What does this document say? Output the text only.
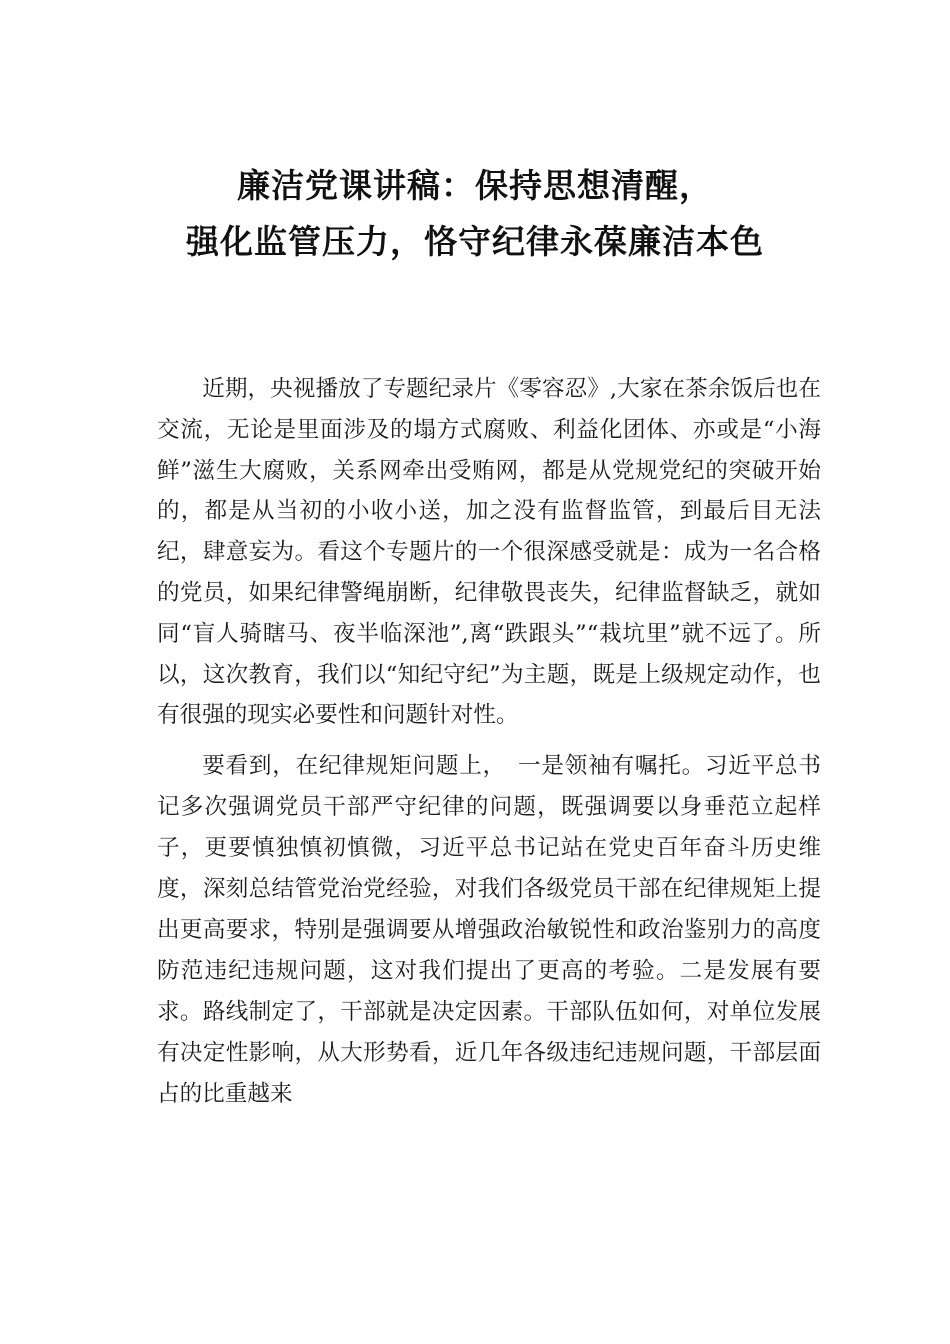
廉洁党课讲稿：保持思想清醒，
强化监管压力，恪守纪律永葆廉洁本色

近期，央视播放了专题纪录片《零容忍》,大家在茶余饭后也在交流，无论是里面涉及的塌方式腐败、利益化团体、亦或是“小海鲜”滋生大腐败，关系网牵出受贿网，都是从党规党纪的突破开始的，都是从当初的小收小送，加之没有监督监管，到最后目无法纪，肆意妄为。看这个专题片的一个很深感受就是：成为一名合格的党员，如果纪律警绳崩断，纪律敬畏丧失，纪律监督缺乏，就如同“盲人骑瞎马、夜半临深池”,离“跌跟头”“栽坑里”就不远了。所以，这次教育，我们以“知纪守纪”为主题，既是上级规定动作，也有很强的现实必要性和问题针对性。

要看到，在纪律规矩问题上，　一是领袖有嘱托。习近平总书记多次强调党员干部严守纪律的问题，既强调要以身垂范立起样子，更要慎独慎初慎微，习近平总书记站在党史百年奋斗历史维度，深刻总结管党治党经验，对我们各级党员干部在纪律规矩上提出更高要求，特别是强调要从增强政治敏锐性和政治鉴别力的高度防范违纪违规问题，这对我们提出了更高的考验。二是发展有要求。路线制定了，干部就是决定因素。干部队伍如何，对单位发展有决定性影响，从大形势看，近几年各级违纪违规问题，干部层面占的比重越来
